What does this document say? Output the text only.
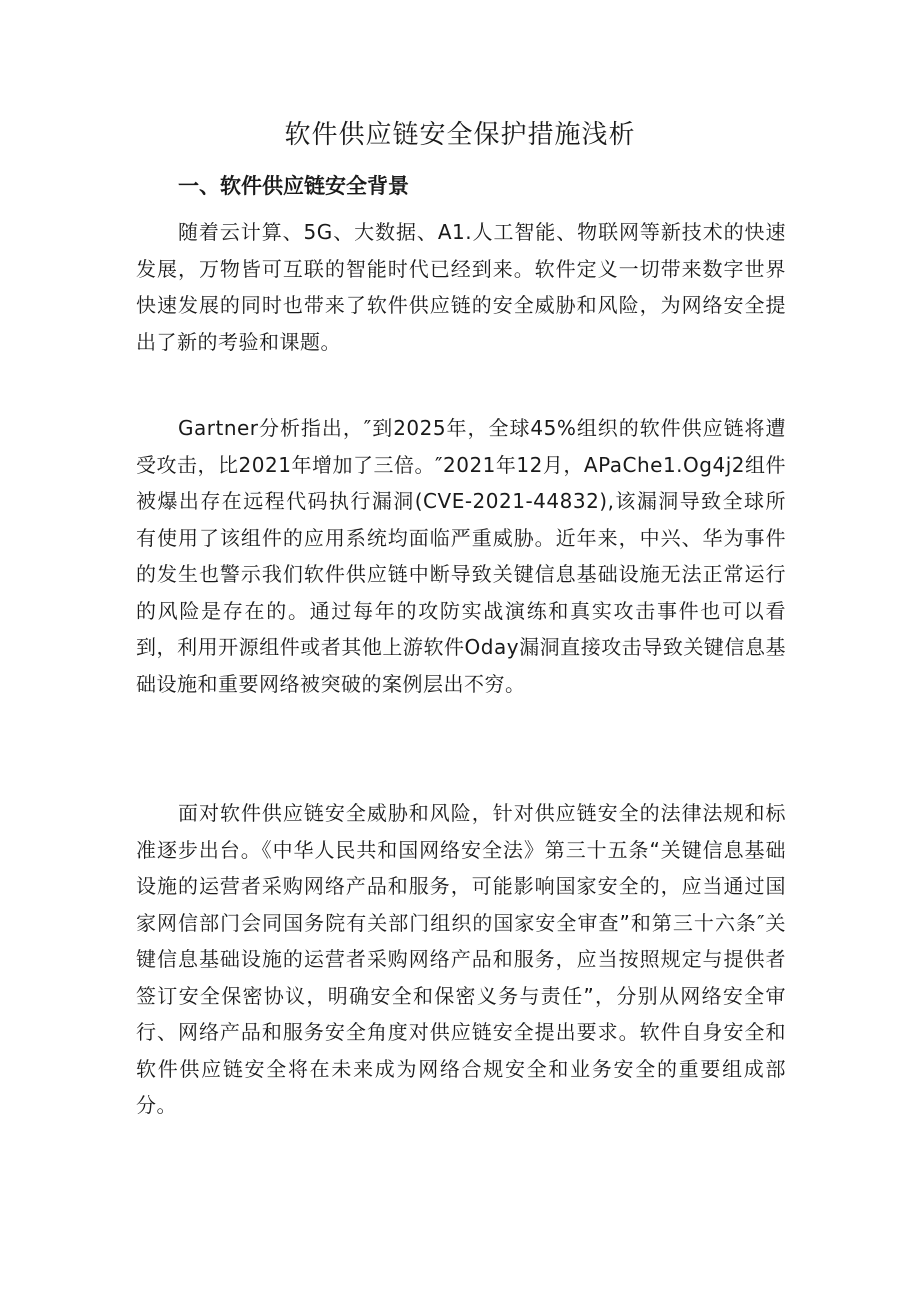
软件供应链安全保护措施浅析
一、软件供应链安全背景

随着云计算、5G、大数据、A1.人工智能、物联网等新技术的快速发展，万物皆可互联的智能时代已经到来。软件定义一切带来数字世界快速发展的同时也带来了软件供应链的安全威胁和风险，为网络安全提出了新的考验和课题。

Gartner分析指出，″到2025年，全球45%组织的软件供应链将遭受攻击，比2021年增加了三倍。″2021年12月，APaChe1.Og4j2组件被爆出存在远程代码执行漏洞(CVE-2021-44832),该漏洞导致全球所有使用了该组件的应用系统均面临严重威胁。近年来，中兴、华为事件的发生也警示我们软件供应链中断导致关键信息基础设施无法正常运行的风险是存在的。通过每年的攻防实战演练和真实攻击事件也可以看到，利用开源组件或者其他上游软件Oday漏洞直接攻击导致关键信息基础设施和重要网络被突破的案例层出不穷。

面对软件供应链安全威胁和风险，针对供应链安全的法律法规和标准逐步出台。《中华人民共和国网络安全法》第三十五条“关键信息基础设施的运营者采购网络产品和服务，可能影响国家安全的，应当通过国家网信部门会同国务院有关部门组织的国家安全审查”和第三十六条″关键信息基础设施的运营者采购网络产品和服务，应当按照规定与提供者签订安全保密协议，明确安全和保密义务与责任”，分别从网络安全审行、网络产品和服务安全角度对供应链安全提出要求。软件自身安全和软件供应链安全将在未来成为网络合规安全和业务安全的重要组成部分。
